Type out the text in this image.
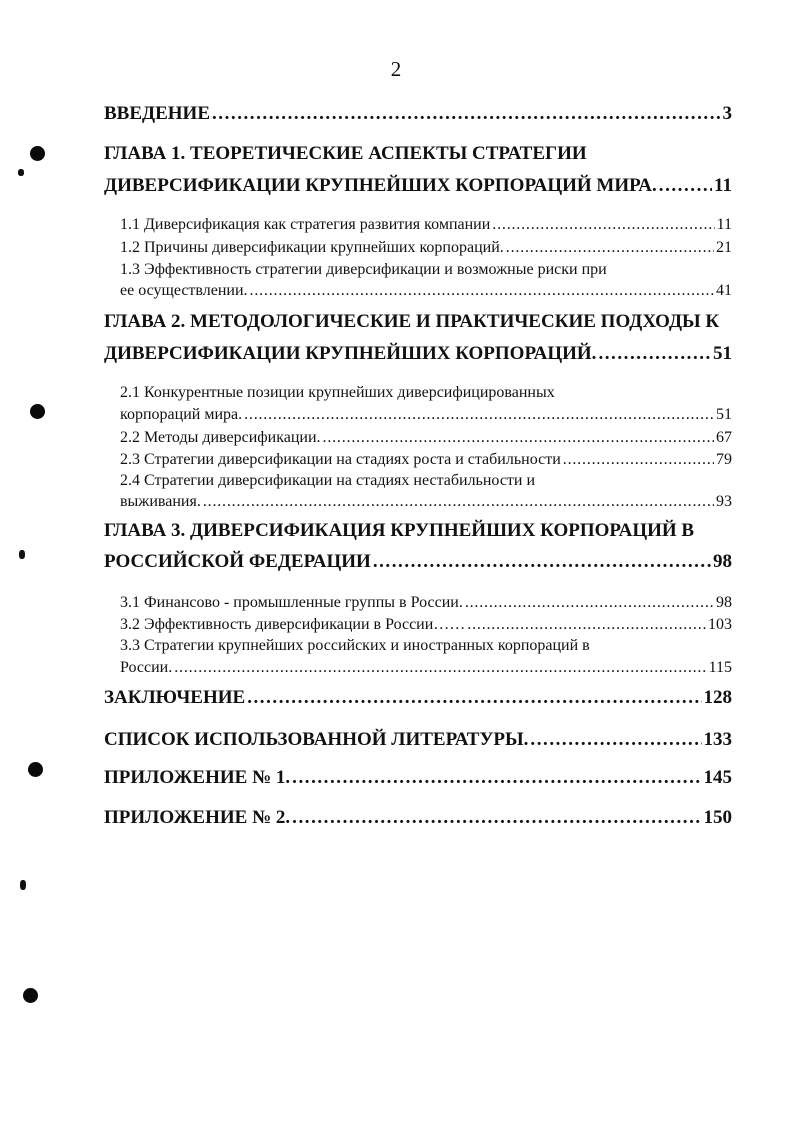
2
ВВЕДЕНИЕ . . .	3
ГЛАВА 1. ТЕОРЕТИЧЕСКИЕ АСПЕКТЫ СТРАТЕГИИ
ДИВЕРСИФИКАЦИИ КРУПНЕЙШИХ КОРПОРАЦИЙ МИРА. . . .	11
1.1 Диверсификация как стратегия развития компании . . .	11
1.2 Причины диверсификации крупнейших корпораций. . . .	21
1.3 Эффективность стратегии диверсификации и возможные риски при
ее осуществлении. . . .	41
ГЛАВА 2. МЕТОДОЛОГИЧЕСКИЕ И ПРАКТИЧЕСКИЕ ПОДХОДЫ К
ДИВЕРСИФИКАЦИИ КРУПНЕЙШИХ КОРПОРАЦИЙ. . . .	51
2.1 Конкурентные позиции крупнейших диверсифицированных
корпораций мира. . . .	51
2.2 Методы диверсификации. . . .	67
2.3 Стратегии диверсификации на стадиях роста и стабильности . . .	79
2.4 Стратегии диверсификации на стадиях нестабильности и
выживания. . . .	93
ГЛАВА 3. ДИВЕРСИФИКАЦИЯ КРУПНЕЙШИХ КОРПОРАЦИЙ В
РОССИЙСКОЙ ФЕДЕРАЦИИ . . .	98
3.1 Финансово - промышленные группы в России. . . .	98
3.2 Эффективность диверсификации в России…… . . .	103
3.3 Стратегии крупнейших российских и иностранных корпораций в
России. . . .	115
ЗАКЛЮЧЕНИЕ . . .	128
СПИСОК ИСПОЛЬЗОВАННОЙ ЛИТЕРАТУРЫ. . . .	133
ПРИЛОЖЕНИЕ № 1. . . .	145
ПРИЛОЖЕНИЕ № 2. . . .	150
